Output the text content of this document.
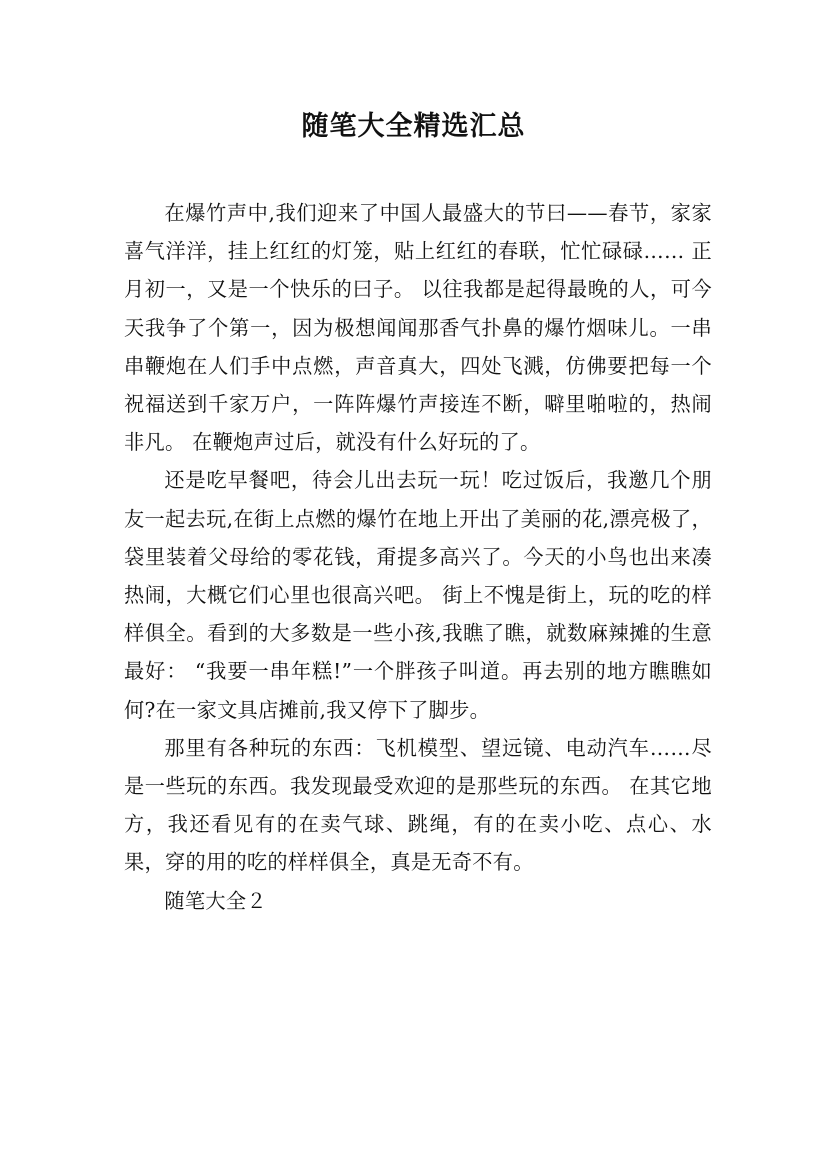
随笔大全精选汇总

在爆竹声中,我们迎来了中国人最盛大的节曰——春节，家家喜气洋洋，挂上红红的灯笼，贴上红红的春联，忙忙碌碌…… 正月初一，又是一个快乐的曰子。 以往我都是起得最晚的人，可今天我争了个第一，因为极想闻闻那香气扑鼻的爆竹烟味儿。一串串鞭炮在人们手中点燃，声音真大，四处飞溅，仿佛要把每一个祝福送到千家万户，一阵阵爆竹声接连不断，噼里啪啦的，热闹非凡。 在鞭炮声过后，就没有什么好玩的了。

还是吃早餐吧，待会儿出去玩一玩！吃过饭后，我邀几个朋友一起去玩,在街上点燃的爆竹在地上开出了美丽的花,漂亮极了，袋里装着父母给的零花钱，甭提多高兴了。今天的小鸟也出来凑热闹，大概它们心里也很高兴吧。 街上不愧是街上，玩的吃的样样俱全。看到的大多数是一些小孩,我瞧了瞧，就数麻辣摊的生意最好： “我要一串年糕!”一个胖孩子叫道。再去别的地方瞧瞧如何?在一家文具店摊前,我又停下了脚步。

那里有各种玩的东西：飞机模型、望远镜、电动汽车……尽是一些玩的东西。我发现最受欢迎的是那些玩的东西。 在其它地方，我还看见有的在卖气球、跳绳，有的在卖小吃、点心、水果，穿的用的吃的样样俱全，真是无奇不有。

随笔大全２
